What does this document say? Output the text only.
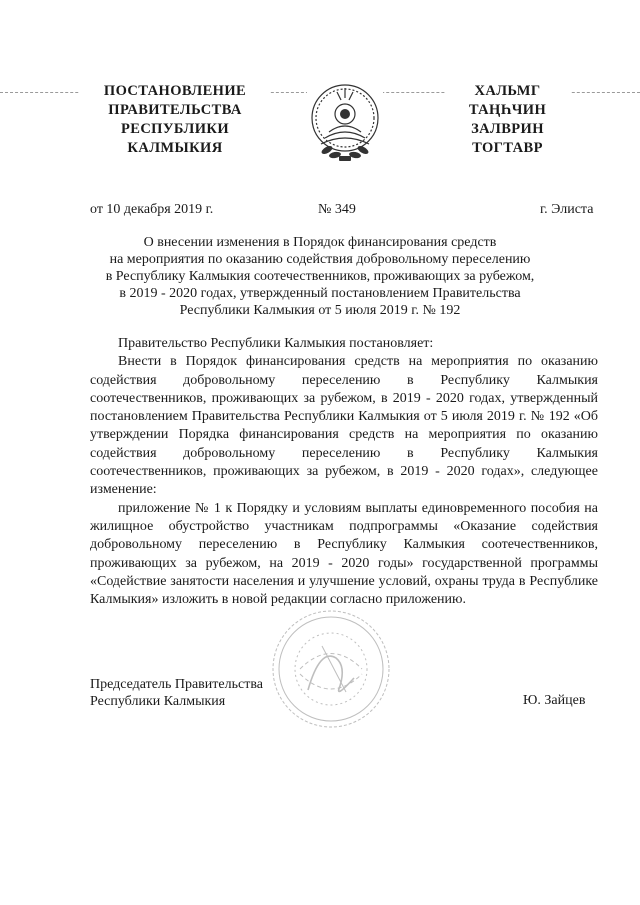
ПОСТАНОВЛЕНИЕ
ПРАВИТЕЛЬСТВА
РЕСПУБЛИКИ
КАЛМЫКИЯ
ХАЛЬМГ
ТАҢҺЧИН
ЗАЛВРИН
ТОГТАВР
от 10 декабря 2019 г.	№ 349	г. Элиста
О внесении изменения в Порядок финансирования средств
на мероприятия по оказанию содействия добровольному переселению
в Республику Калмыкия соотечественников, проживающих за рубежом,
в 2019 - 2020 годах, утвержденный постановлением Правительства
Республики Калмыкия от 5 июля 2019 г. № 192
Правительство Республики Калмыкия постановляет:
Внести в Порядок финансирования средств на мероприятия по оказанию содействия добровольному переселению в Республику Калмыкия соотечественников, проживающих за рубежом, в 2019 - 2020 годах, утвержденный постановлением Правительства Республики Калмыкия от 5 июля 2019 г. № 192 «Об утверждении Порядка финансирования средств на мероприятия по оказанию содействия добровольному переселению в Республику Калмыкия соотечественников, проживающих за рубежом, в 2019 - 2020 годах», следующее изменение:
приложение № 1 к Порядку и условиям выплаты единовременного пособия на жилищное обустройство участникам подпрограммы «Оказание содействия добровольному переселению в Республику Калмыкия соотечественников, проживающих за рубежом, на 2019 - 2020 годы» государственной программы «Содействие занятости населения и улучшение условий, охраны труда в Республике Калмыкия» изложить в новой редакции согласно приложению.
Председатель Правительства
Республики Калмыкия	Ю. Зайцев
